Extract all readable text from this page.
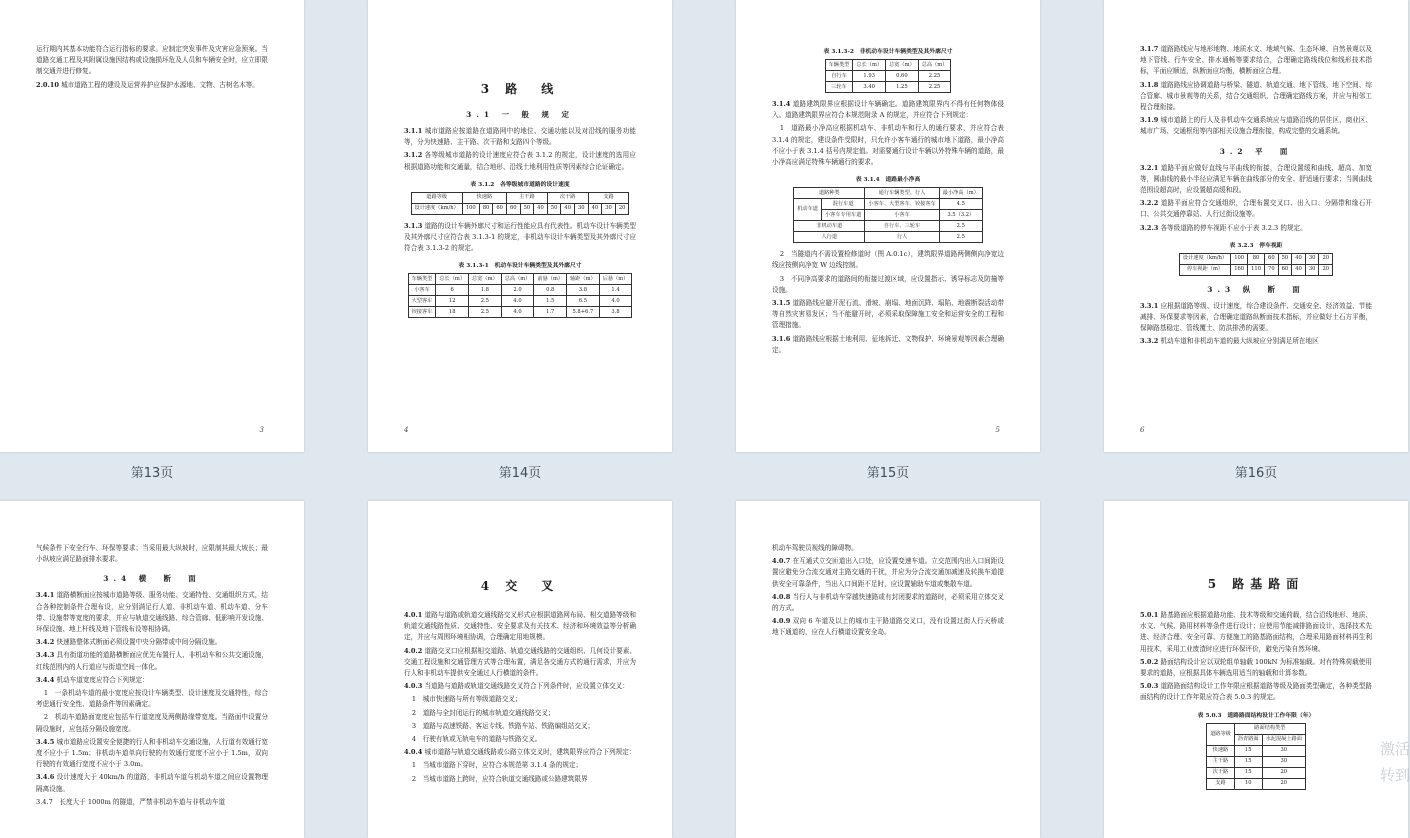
运行期内其基本功能符合运行指标的要求。应制定突发事件及灾害应急预案。当道路交通工程及其附属设施因结构或设施损坏危及人员和车辆安全时，应立即限制交通并进行修复。

2.0.10 城市道路工程的建设及运营养护应保护水源地、文物、古树名木等。

3
第13页
3 路　线
3.1 一 般 规 定

3.1.1 城市道路应按道路在道路网中的地位、交通功能以及对沿线的服务功能等，分为快速路、主干路、次干路和支路四个等级。

3.1.2 各等级城市道路的设计速度应符合表 3.1.2 的规定，设计速度的选用应根据道路功能和交通量，结合地形、沿线土地利用性质等因素综合论证确定。

表 3.1.2　各等级城市道路的设计速度
道路等级	快速路			主干路			次干路			支路		
设计速度（km/h）	100	80	60	60	50	40	50	40	30	40	30	20

3.1.3 道路的设计车辆外廓尺寸和运行性能应具有代表性。机动车设计车辆类型及其外廓尺寸应符合表 3.1.3-1 的规定，非机动车设计车辆类型及其外廓尺寸应符合表 3.1.3-2 的规定。

表 3.1.3-1　机动车设计车辆类型及其外廓尺寸
车辆类型	总长（m）	总宽（m）	总高（m）	前悬（m）	轴距（m）	后悬（m）
小客车	6	1.8	2.0	0.8	3.8	1.4
大型客车	12	2.5	4.0	1.5	6.5	4.0
铰接客车	18	2.5	4.0	1.7	5.8+6.7	3.8
4
第14页
表 3.1.3-2　非机动车设计车辆类型及其外廓尺寸
车辆类型	总长（m）	总宽（m）	总高（m）
自行车	1.93	0.60	2.25
三轮车	3.40	1.25	2.25

3.1.4 道路建筑限界应根据设计车辆确定。道路建筑限界内不得有任何物体侵入。道路建筑限界应符合本规范附录 A 的规定，并应符合下列规定：

1　道路最小净高应根据机动车、非机动车和行人的通行要求，并应符合表 3.1.4 的规定，建设条件受限时，只允许小客车通行的城市地下道路，最小净高不应小于表 3.1.4 括号内规定值。对需要通行设计车辆以外特殊车辆的道路，最小净高应满足特殊车辆通行的要求。

表 3.1.4　道路最小净高
道路种类		通行车辆类型、行人	最小净高（m）
机动车道	混行车道	小客车、大型客车、铰接客车	4.5
	小客车专用车道	小客车	3.5（3.2）
非机动车道		自行车、三轮车	2.5
人行道		行人	2.5

2　当隧道内不需设置检修道时（图 A.0.1c），建筑限界道路两侧侧向净宽边线应按侧向净宽 W 边线控制。

3　不同净高要求的道路间的衔接过渡区域，应设置指示、诱导标志及防撞等设施。

3.1.5 道路路线应避开泥石流、滑坡、崩塌、地面沉降、塌陷、地震断裂活动带等自然灾害易发区；当不能避开时，必须采取保障施工安全和运营安全的工程和管理措施。

3.1.6 道路路线应根据土地利用、征地拆迁、文物保护、环境景观等因素合理确定。

5
第15页

3.1.7 道路路线应与地形地物、地质水文、地域气候、生态环境、自然景观以及地下管线、行车安全、排水通畅等要求结合，合理确定路线线位和线形技术指标，平面应顺适，纵断面应均衡，横断面应合理。

3.1.8 道路路线应协调道路与桥梁、隧道、轨道交通、地下管线、地下空间、综合管廊、城市景观等的关系，结合交通组织，合理确定路线方案，并应与相邻工程合理衔接。

3.1.9 城市道路上的行人及非机动车交通系统应与道路沿线的居住区、商业区、城市广场、交通枢纽等内部相关设施合理衔接，构成完整的交通系统。

3.2 平　面

3.2.1 道路平面应做好直线与平曲线的衔接，合理设置缓和曲线、超高、加宽等，圆曲线的最小半径应满足车辆在曲线部分的安全、舒适通行要求；当圆曲线范围设超高时，应设置超高缓和段。

3.2.2 道路平面应符合交通组织，合理布置交叉口、出入口、分隔带和缘石开口、公共交通停靠站、人行过街设施等。

3.2.3 各等级道路的停车视距不应小于表 3.2.3 的规定。

表 3.2.3　停车视距
设计速度（km/h）	100	80	60	50	40	30	20
停车视距（m）	160	110	70	60	40	30	20
3.3 纵　断　面

3.3.1 应根据道路等级、设计速度，综合建设条件、交通安全、经济效益、节能减排、环保要求等因素，合理确定道路纵断面技术指标，并应做好土石方平衡，保障路基稳定、管线覆土、防洪排涝的需要。

3.3.2 机动车道和非机动车道的最大纵坡应分别满足所在地区

6
第16页

气候条件下安全行车、环保等要求；当采用最大纵坡时，应限制其最大坡长；最小纵坡应满足路面排水要求。

3.4 横　断　面

3.4.1 道路横断面应按城市道路等级、服务功能、交通特性、交通组织方式，结合各种控制条件合理布设，应分别满足行人道、非机动车道、机动车道、分车带、设施带等宽度的要求，并应与轨道交通线路、综合管廊、低影响开发设施、环保设施、地上杆线及地下管线布设等相协调。

3.4.2 快速路整体式断面必须设置中央分隔带或中间分隔设施。

3.4.3 具有街道功能的道路横断面应优先布置行人、非机动车和公共交通设施，红线范围内的人行道应与街道空间一体化。

3.4.4 机动车道宽度应符合下列规定：

1　一条机动车道的最小宽度应按设计车辆类型、设计速度及交通特性，综合考虑通行安全性、道路条件等因素确定。

2　机动车道路面宽度应包括车行道宽度及两侧路缘带宽度。当路面中设置分隔设施时，应包括分隔设施宽度。

3.4.5 城市道路应设置安全便捷的行人和非机动车交通设施，人行道有效通行宽度不应小于 1.5m；非机动车道单向行驶的有效通行宽度不应小于 1.5m，双向行驶的有效通行宽度不应小于 3.0m。

3.4.6 设计速度大于 40km/h 的道路，非机动车道与机动车道之间应设置物理隔离设施。

3.4.7　长度大于 1000m 的隧道，严禁非机动车道与非机动车道

4 交　叉

4.0.1 道路与道路或轨道交通线路交叉形式应根据道路网布局、相交道路等级和轨道交通线路性质、交通特性、安全要求及有关技术、经济和环境效益等分析确定，并应与周围环境相协调，合理确定用地规模。

4.0.2 道路交叉口应根据相交道路、轨道交通线路的交通组织、几何设计要素、交通工程设施和交通管理方式等合理布置，满足各交通方式的通行需求，并应为行人和非机动车提供安全通过人行横道的条件。

4.0.3 当道路与道路或轨道交通线路交叉符合下列条件时，应设置立体交叉：

1　城市快速路与所有等级道路交叉；

2　道路与全封闭运行的城市轨道交通线路交叉；

3　道路与高速铁路、客运专线、铁路车站、铁路编组站交叉；

4　行驶有轨或无轨电车的道路与铁路交叉。

4.0.4 城市道路与轨道交通线路或公路立体交叉时，建筑限界应符合下列规定：

1　当城市道路下穿时，应符合本规范第 3.1.4 条的规定；

2　当城市道路上跨时，应符合轨道交通线路或公路建筑限界

机动车驾驶员视线的障碍物。

4.0.7 在互通式立交匝道出入口处，应设置变速车道。立交范围内出入口间距设置应避免分合流交通对主路交通的干扰，并应为分合流交通加减速及转换车道提供安全可靠条件，当出入口间距不足时，应设置辅助车道或集散车道。

4.0.8 当行人与非机动车穿越快速路或有封闭要求的道路时，必须采用立体交叉的方式。

4.0.9 双向 6 车道及以上的城市主干路道路交叉口，没有设置过街人行天桥或地下通道的，应在人行横道设置安全岛。

5 路基路面

5.0.1 路基路面应根据道路功能、技术等级和交通荷载，结合沿线地形、地质、水文、气候、路用材料等条件进行设计；应使用节能减排路面设计，选择技术先进、经济合理、安全可靠、方便施工的路基路面结构，合理采用路面材料再生利用技术，采用工业废渣时应进行环保评价，避免污染自然环境。

5.0.2 路面结构设计应以双轮组单轴载 100kN 为标准轴载。对有特殊荷载使用要求的道路，应根据具体车辆选用适当的轴载和计算参数。

5.0.3 道路路面结构设计工作年限应根据道路等级及路面类型确定，各种类型路面结构的设计工作年限应符合表 5.0.3 的规定。

表 5.0.3　道路路面结构设计工作年限（年）
道路等级	路面结构类型	
	沥青路面	水泥混凝土路面
快速路	15	30
主干路	15	30
次干路	15	20
支路	10	20
激活
转到
